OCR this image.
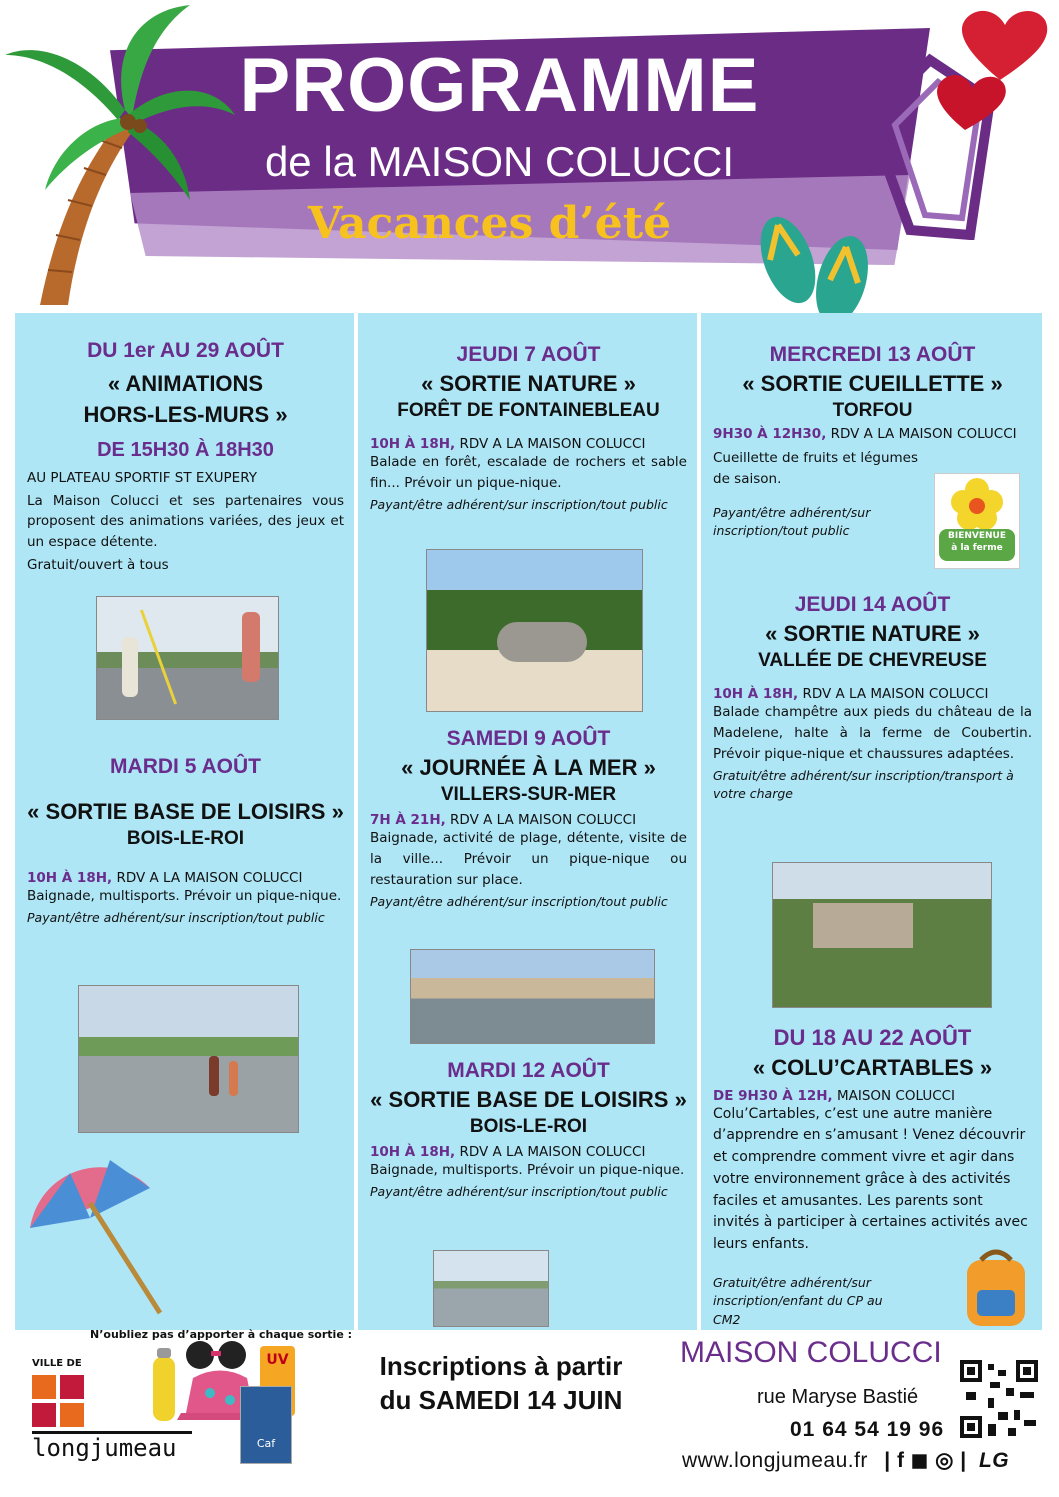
PROGRAMME
de la MAISON COLUCCI
Vacances d’été
DU 1er AU 29 AOÛT
« ANIMATIONS
HORS-LES-MURS »
DE 15H30 À 18H30
AU PLATEAU SPORTIF ST EXUPERY
La Maison Colucci et ses partenaires vous proposent des animations variées, des jeux et un espace détente.
Gratuit/ouvert à tous
MARDI 5 AOÛT
« SORTIE BASE DE LOISIRS »
BOIS-LE-ROI
10H À 18H, RDV A LA MAISON COLUCCI
Baignade, multisports. Prévoir un pique-nique.
Payant/être adhérent/sur inscription/tout public
N’oubliez pas d’apporter à chaque sortie :
UV
JEUDI 7 AOÛT
« SORTIE NATURE »
FORÊT DE FONTAINEBLEAU
10H À 18H, RDV A LA MAISON COLUCCI
Balade en forêt, escalade de rochers et sable fin... Prévoir un pique-nique.
Payant/être adhérent/sur inscription/tout public
SAMEDI 9 AOÛT
« JOURNÉE À LA MER »
VILLERS-SUR-MER
7H À 21H, RDV A LA MAISON COLUCCI
Baignade, activité de plage, détente, visite de la ville... Prévoir un pique-nique ou restauration sur place.
Payant/être adhérent/sur inscription/tout public
MARDI 12 AOÛT
« SORTIE BASE DE LOISIRS »
BOIS-LE-ROI
10H À 18H, RDV A LA MAISON COLUCCI
Baignade, multisports. Prévoir un pique-nique.
Payant/être adhérent/sur inscription/tout public
MERCREDI 13 AOÛT
« SORTIE CUEILLETTE »
TORFOU
9H30 À 12H30, RDV A LA MAISON COLUCCI
Cueillette de fruits et légumes de saison.
Payant/être adhérent/sur inscription/tout public	BIENVENUE
à la ferme
JEUDI 14 AOÛT
« SORTIE NATURE »
VALLÉE DE CHEVREUSE
10H À 18H, RDV A LA MAISON COLUCCI
Balade champêtre aux pieds du château de la Madelene, halte à la ferme de Coubertin. Prévoir pique-nique et chaussures adaptées.
Gratuit/être adhérent/sur inscription/transport à votre charge
DU 18 AU 22 AOÛT
« COLU’CARTABLES »
DE 9H30 À 12H, MAISON COLUCCI
Colu’Cartables, c’est une autre manière d’apprendre en s’amusant ! Venez découvrir et comprendre comment vivre et agir dans votre environnement grâce à des activités faciles et amusantes. Les parents sont invités à participer à certaines activités avec leurs enfants.
Gratuit/être adhérent/sur inscription/enfant du CP au CM2
VILLE DE
longjumeau	Caf
Inscriptions à partir
du SAMEDI 14 JUIN
MAISON COLUCCI
rue Maryse Bastié
01 64 54 19 96
www.longjumeau.fr | f ◼ ◎ | LG
